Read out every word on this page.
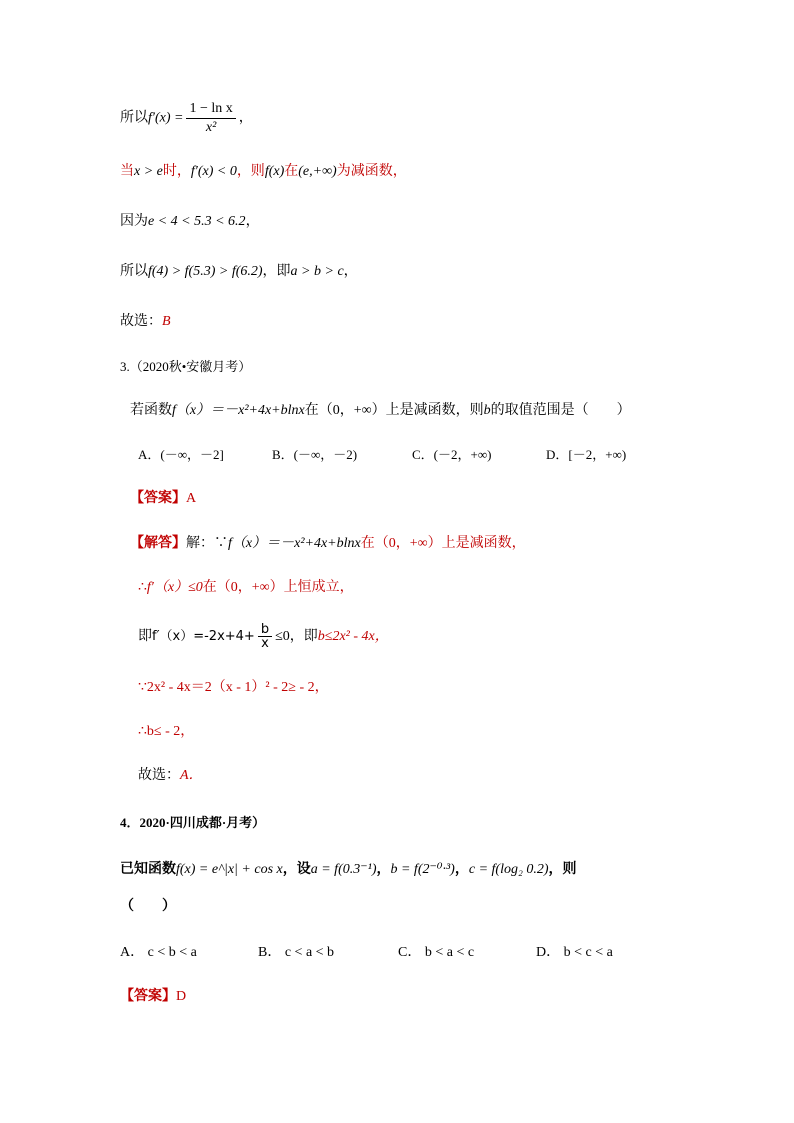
所以$f'(x) = \frac{\text{1 − ln x}}{\text{x²}}$ ，
当x > e时，f′(x) < 0，则f(x)在(e,+∞)为减函数，
因为e < 4 < 5.3 < 6.2，
所以f(4) > f(5.3) > f(6.2)，即a > b > c，
故选：B
3.（2020秋•安徽月考）
若函数f（x）＝－x²+4x+blnx在（0，+∞）上是减函数，则b的取值范围是（　　）
A．(－∞，－2]	B．(－∞，－2)	C．(－2，+∞)	D．[－2，+∞)
【答案】A
【解答】解：∵f（x）＝－x²+4x+blnx在（0，+∞）上是减函数，
∴f′（x）≤0在（0，+∞）上恒成立，
即$f'(x)=-2x+4+ \frac{b}{x} \le 0$，即b≤2x² - 4x，
∵2x² - 4x＝2（x - 1）² - 2≥ - 2，
∴b≤ - 2，
故选：A．
4．2020·四川成都·月考）
已知函数f(x) = e^|x| + cos x，设a = f(0.3⁻¹)，b = f(2⁻⁰·³)，c = f(log₂ 0.2)，则
（　　）
A． c < b < a	B． c < a < b	C． b < a < c	D． b < c < a
【答案】D
